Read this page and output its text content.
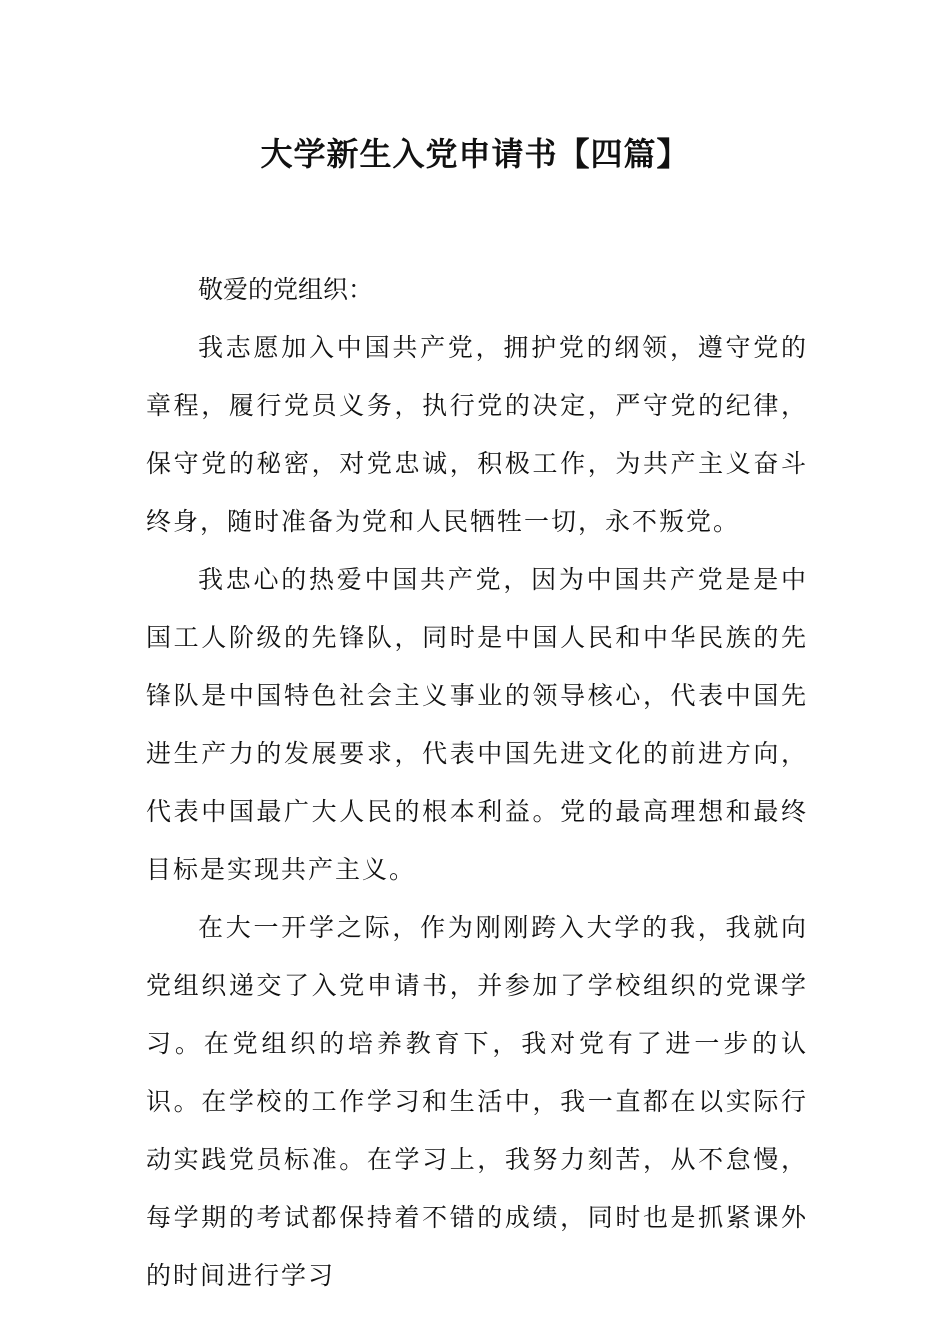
大学新生入党申请书【四篇】

敬爱的党组织：

我志愿加入中国共产党，拥护党的纲领，遵守党的章程，履行党员义务，执行党的决定，严守党的纪律，保守党的秘密，对党忠诚，积极工作，为共产主义奋斗终身，随时准备为党和人民牺牲一切，永不叛党。

我忠心的热爱中国共产党，因为中国共产党是是中国工人阶级的先锋队，同时是中国人民和中华民族的先锋队是中国特色社会主义事业的领导核心，代表中国先进生产力的发展要求，代表中国先进文化的前进方向，代表中国最广大人民的根本利益。党的最高理想和最终目标是实现共产主义。

在大一开学之际，作为刚刚跨入大学的我，我就向党组织递交了入党申请书，并参加了学校组织的党课学习。在党组织的培养教育下，我对党有了进一步的认识。在学校的工作学习和生活中，我一直都在以实际行动实践党员标准。在学习上，我努力刻苦，从不怠慢，每学期的考试都保持着不错的成绩，同时也是抓紧课外的时间进行学习
